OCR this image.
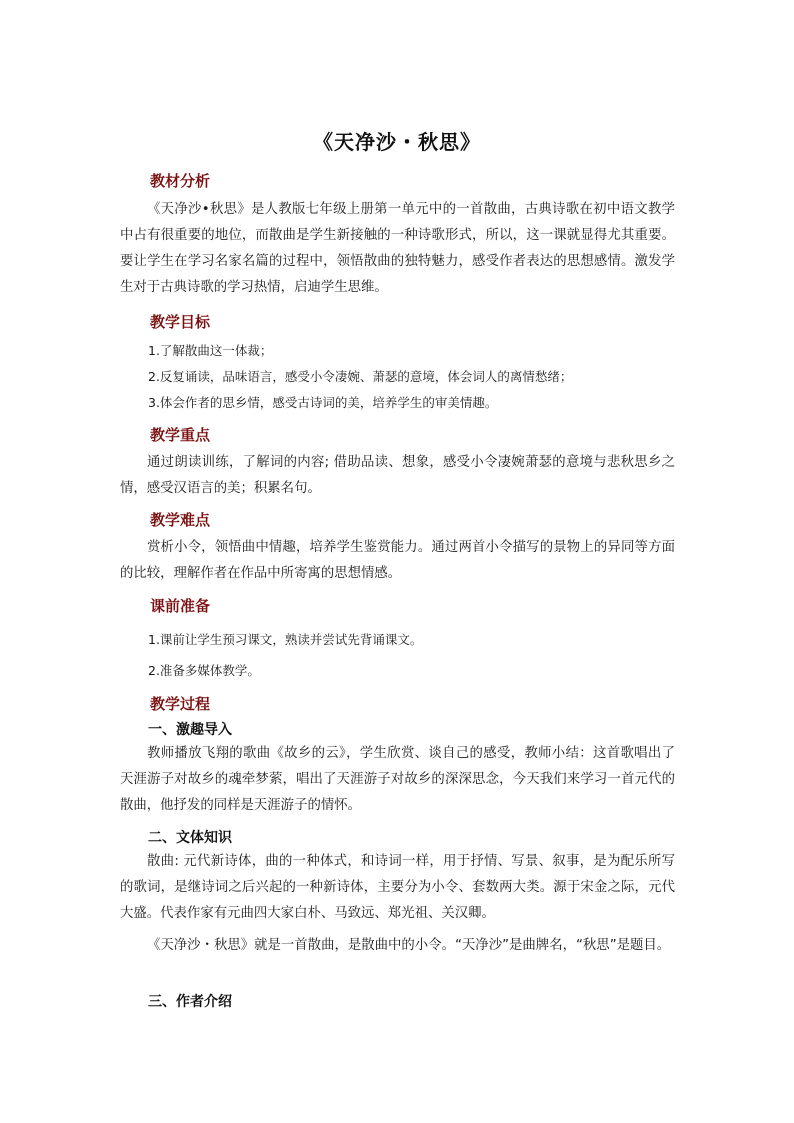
《天净沙・秋思》
教材分析

《天净沙•秋思》是人教版七年级上册第一单元中的一首散曲，古典诗歌在初中语文教学中占有很重要的地位，而散曲是学生新接触的一种诗歌形式，所以，这一课就显得尤其重要。要让学生在学习名家名篇的过程中，领悟散曲的独特魅力，感受作者表达的思想感情。激发学生对于古典诗歌的学习热情，启迪学生思维。

教学目标
1.了解散曲这一体裁；
2.反复诵读，品味语言，感受小令凄婉、萧瑟的意境，体会词人的离情愁绪；
3.体会作者的思乡情，感受古诗词的美，培养学生的审美情趣。
教学重点

通过朗读训练，了解词的内容; 借助品读、想象，感受小令凄婉萧瑟的意境与悲秋思乡之情，感受汉语言的美；积累名句。

教学难点

赏析小令，领悟曲中情趣，培养学生鉴赏能力。通过两首小令描写的景物上的异同等方面的比较，理解作者在作品中所寄寓的思想情感。

课前准备
1.课前让学生预习课文，熟读并尝试先背诵课文。
2.准备多媒体教学。
教学过程
一、激趣导入

教师播放飞翔的歌曲《故乡的云》，学生欣赏、谈自己的感受，教师小结：这首歌唱出了天涯游子对故乡的魂牵梦萦，唱出了天涯游子对故乡的深深思念，今天我们来学习一首元代的散曲，他抒发的同样是天涯游子的情怀。

二、文体知识

散曲: 元代新诗体，曲的一种体式，和诗词一样，用于抒情、写景、叙事，是为配乐所写的歌词，是继诗词之后兴起的一种新诗体，主要分为小令、套数两大类。源于宋金之际，元代大盛。代表作家有元曲四大家白朴、马致远、郑光祖、关汉卿。

《天净沙・秋思》就是一首散曲，是散曲中的小令。“天净沙”是曲牌名，“秋思”是题目。

三、作者介绍
